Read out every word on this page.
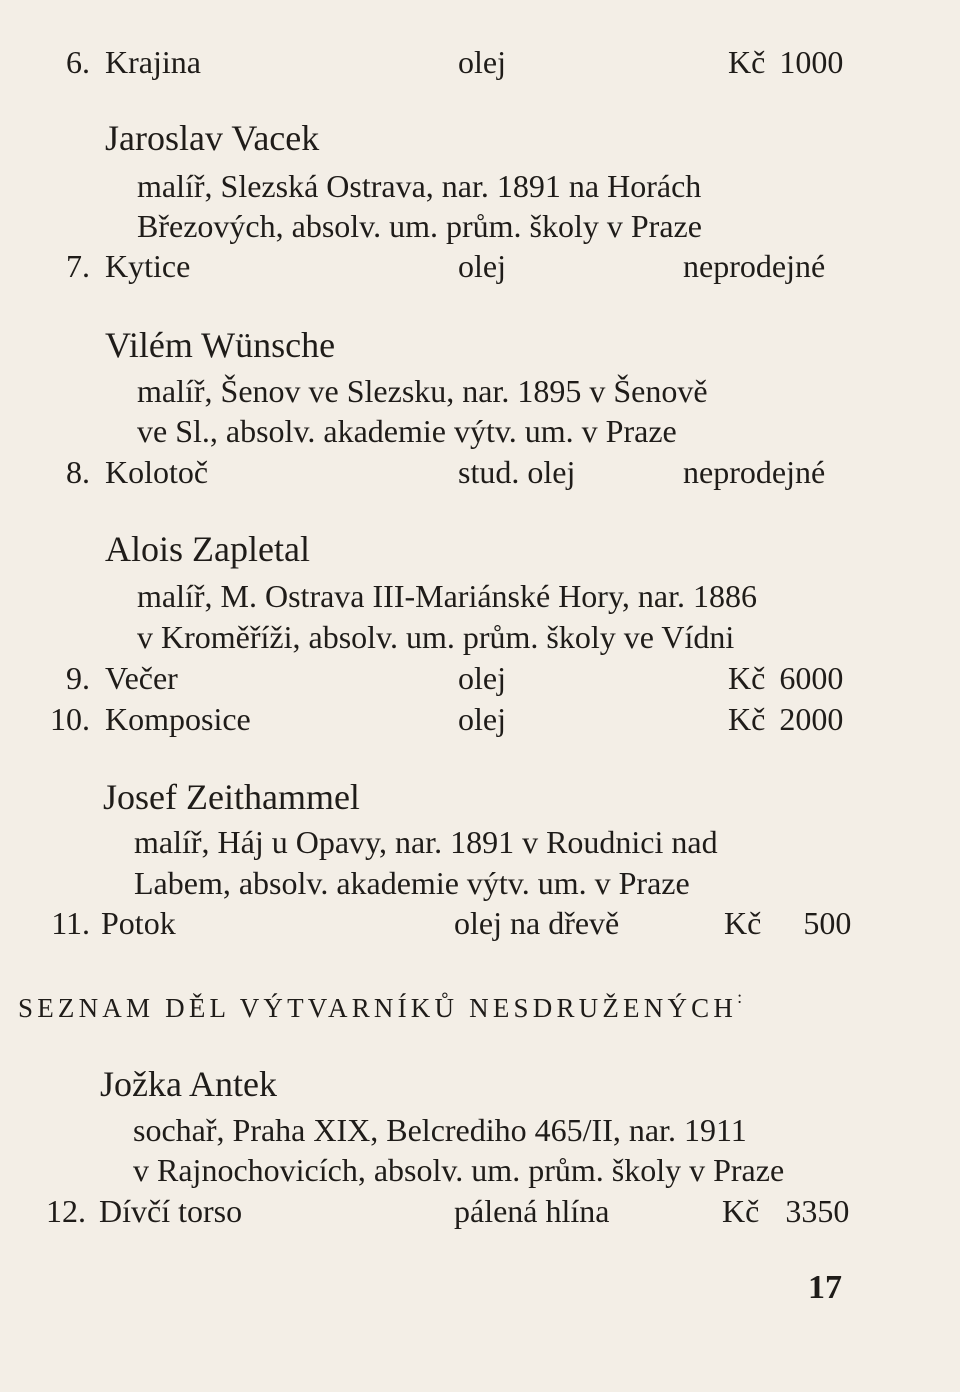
6. Krajina	olej	Kč 1000
Jaroslav Vacek
malíř, Slezská Ostrava, nar. 1891 na Horách
Březových, absolv. um. prům. školy v Praze
7. Kytice	olej	neprodejné
Vilém Wünsche
malíř, Šenov ve Slezsku, nar. 1895 v Šenově
ve Sl., absolv. akademie výtv. um. v Praze
8. Kolotoč	stud. olej	neprodejné
Alois Zapletal
malíř, M. Ostrava III-Mariánské Hory, nar. 1886
v Kroměříži, absolv. um. prům. školy ve Vídni
9. Večer	olej	Kč 6000
10. Komposice	olej	Kč 2000
Josef Zeithammel
malíř, Háj u Opavy, nar. 1891 v Roudnici nad
Labem, absolv. akademie výtv. um. v Praze
11. Potok	olej na dřevě	Kč 500
SEZNAM DĚL VÝTVARNÍKŮ NESDRUŽENÝCH:
Jožka Antek
sochař, Praha XIX, Belcrediho 465/II, nar. 1911
v Rajnochovicích, absolv. um. prům. školy v Praze
12. Dívčí torso	pálená hlína	Kč 3350
17
